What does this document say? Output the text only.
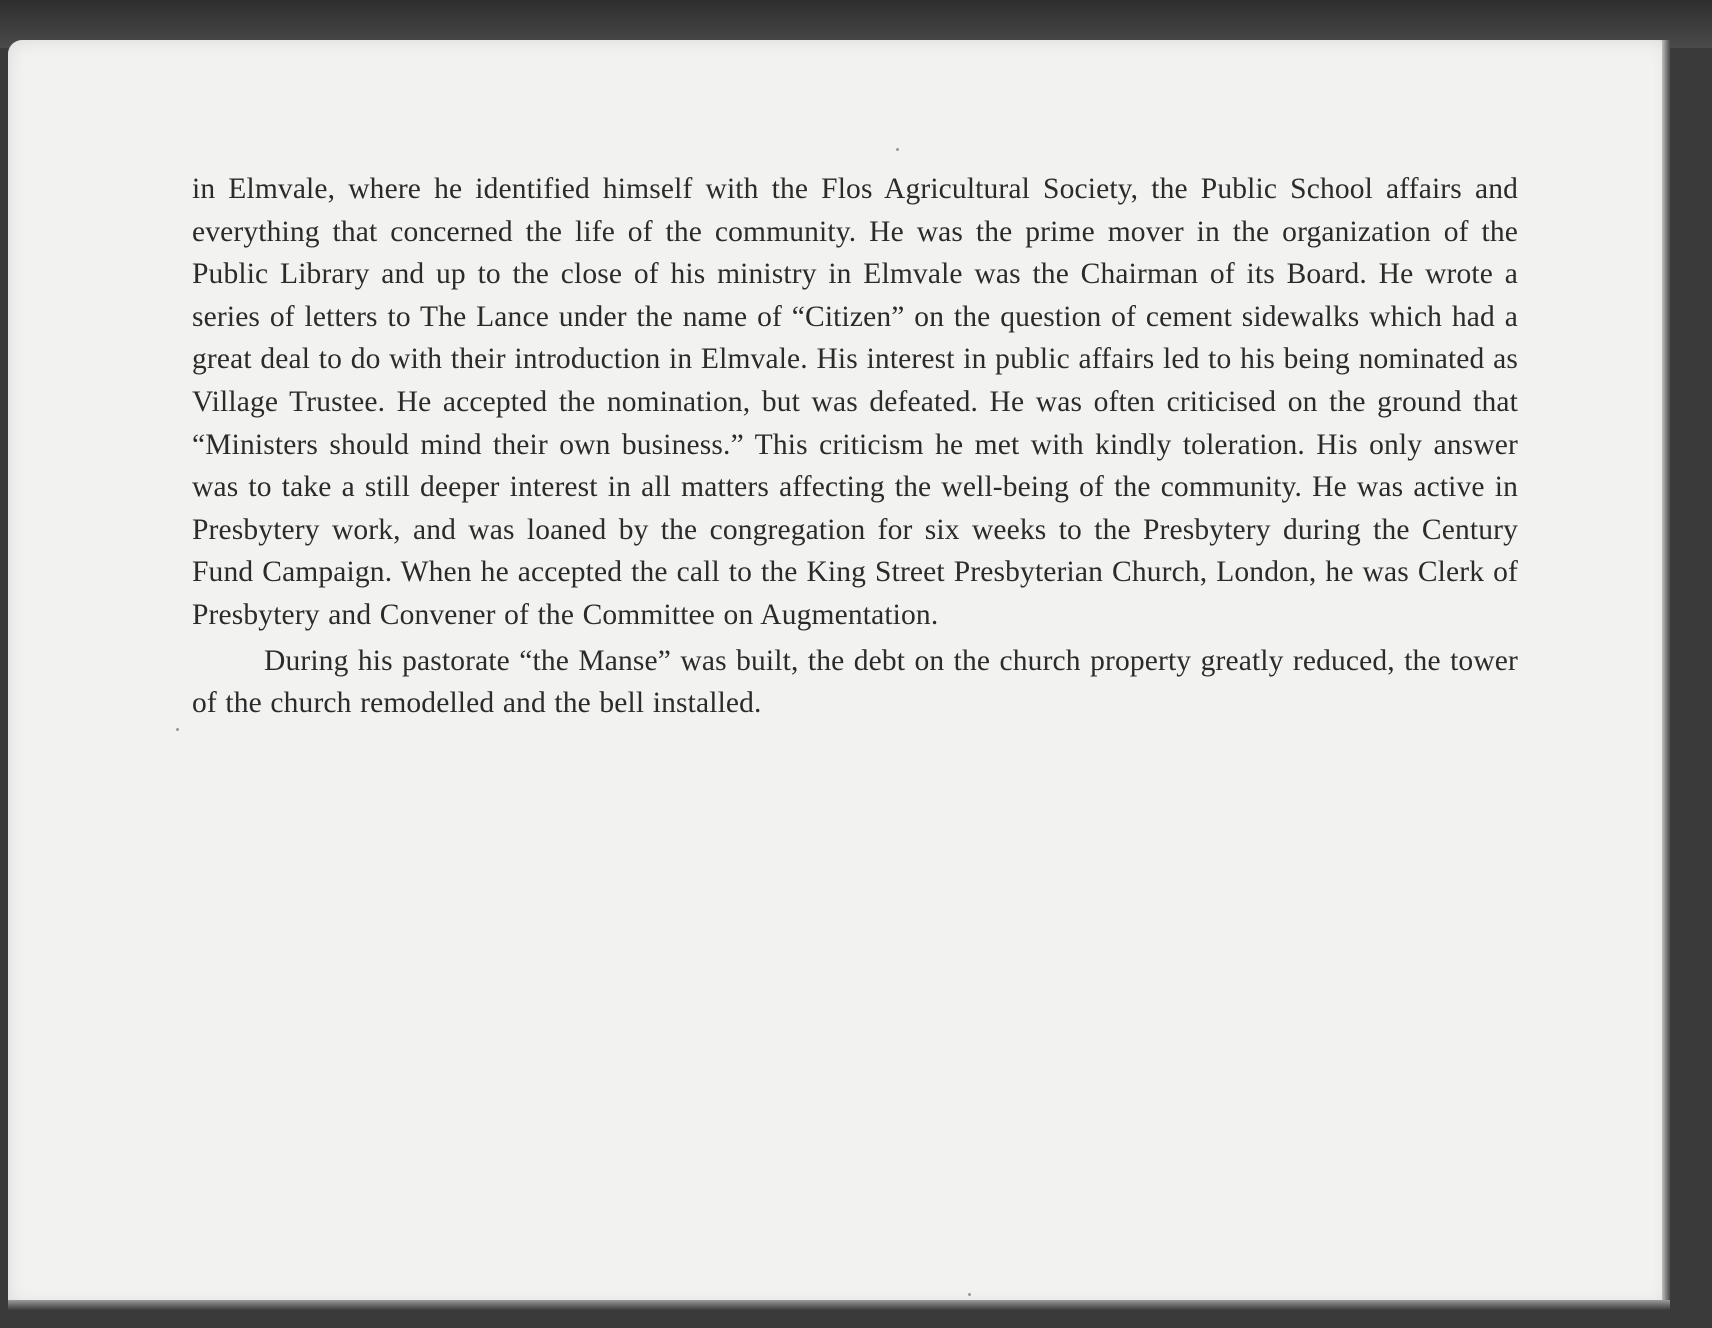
in Elmvale, where he identified himself with the Flos Agricultural Society, the Public School affairs and everything that concerned the life of the community. He was the prime mover in the organization of the Public Library and up to the close of his ministry in Elmvale was the Chairman of its Board. He wrote a series of letters to The Lance under the name of “Citizen” on the question of cement sidewalks which had a great deal to do with their introduction in Elmvale. His interest in public affairs led to his being nominated as Village Trustee. He accepted the nomination, but was defeated. He was often criticised on the ground that “Ministers should mind their own business.” This criticism he met with kindly toleration. His only answer was to take a still deeper interest in all matters affecting the well-being of the community. He was active in Presbytery work, and was loaned by the congregation for six weeks to the Presbytery during the Century Fund Campaign. When he accepted the call to the King Street Presbyterian Church, London, he was Clerk of Presbytery and Convener of the Committee on Augmentation.

During his pastorate “the Manse” was built, the debt on the church property greatly reduced, the tower of the church remodelled and the bell installed.
